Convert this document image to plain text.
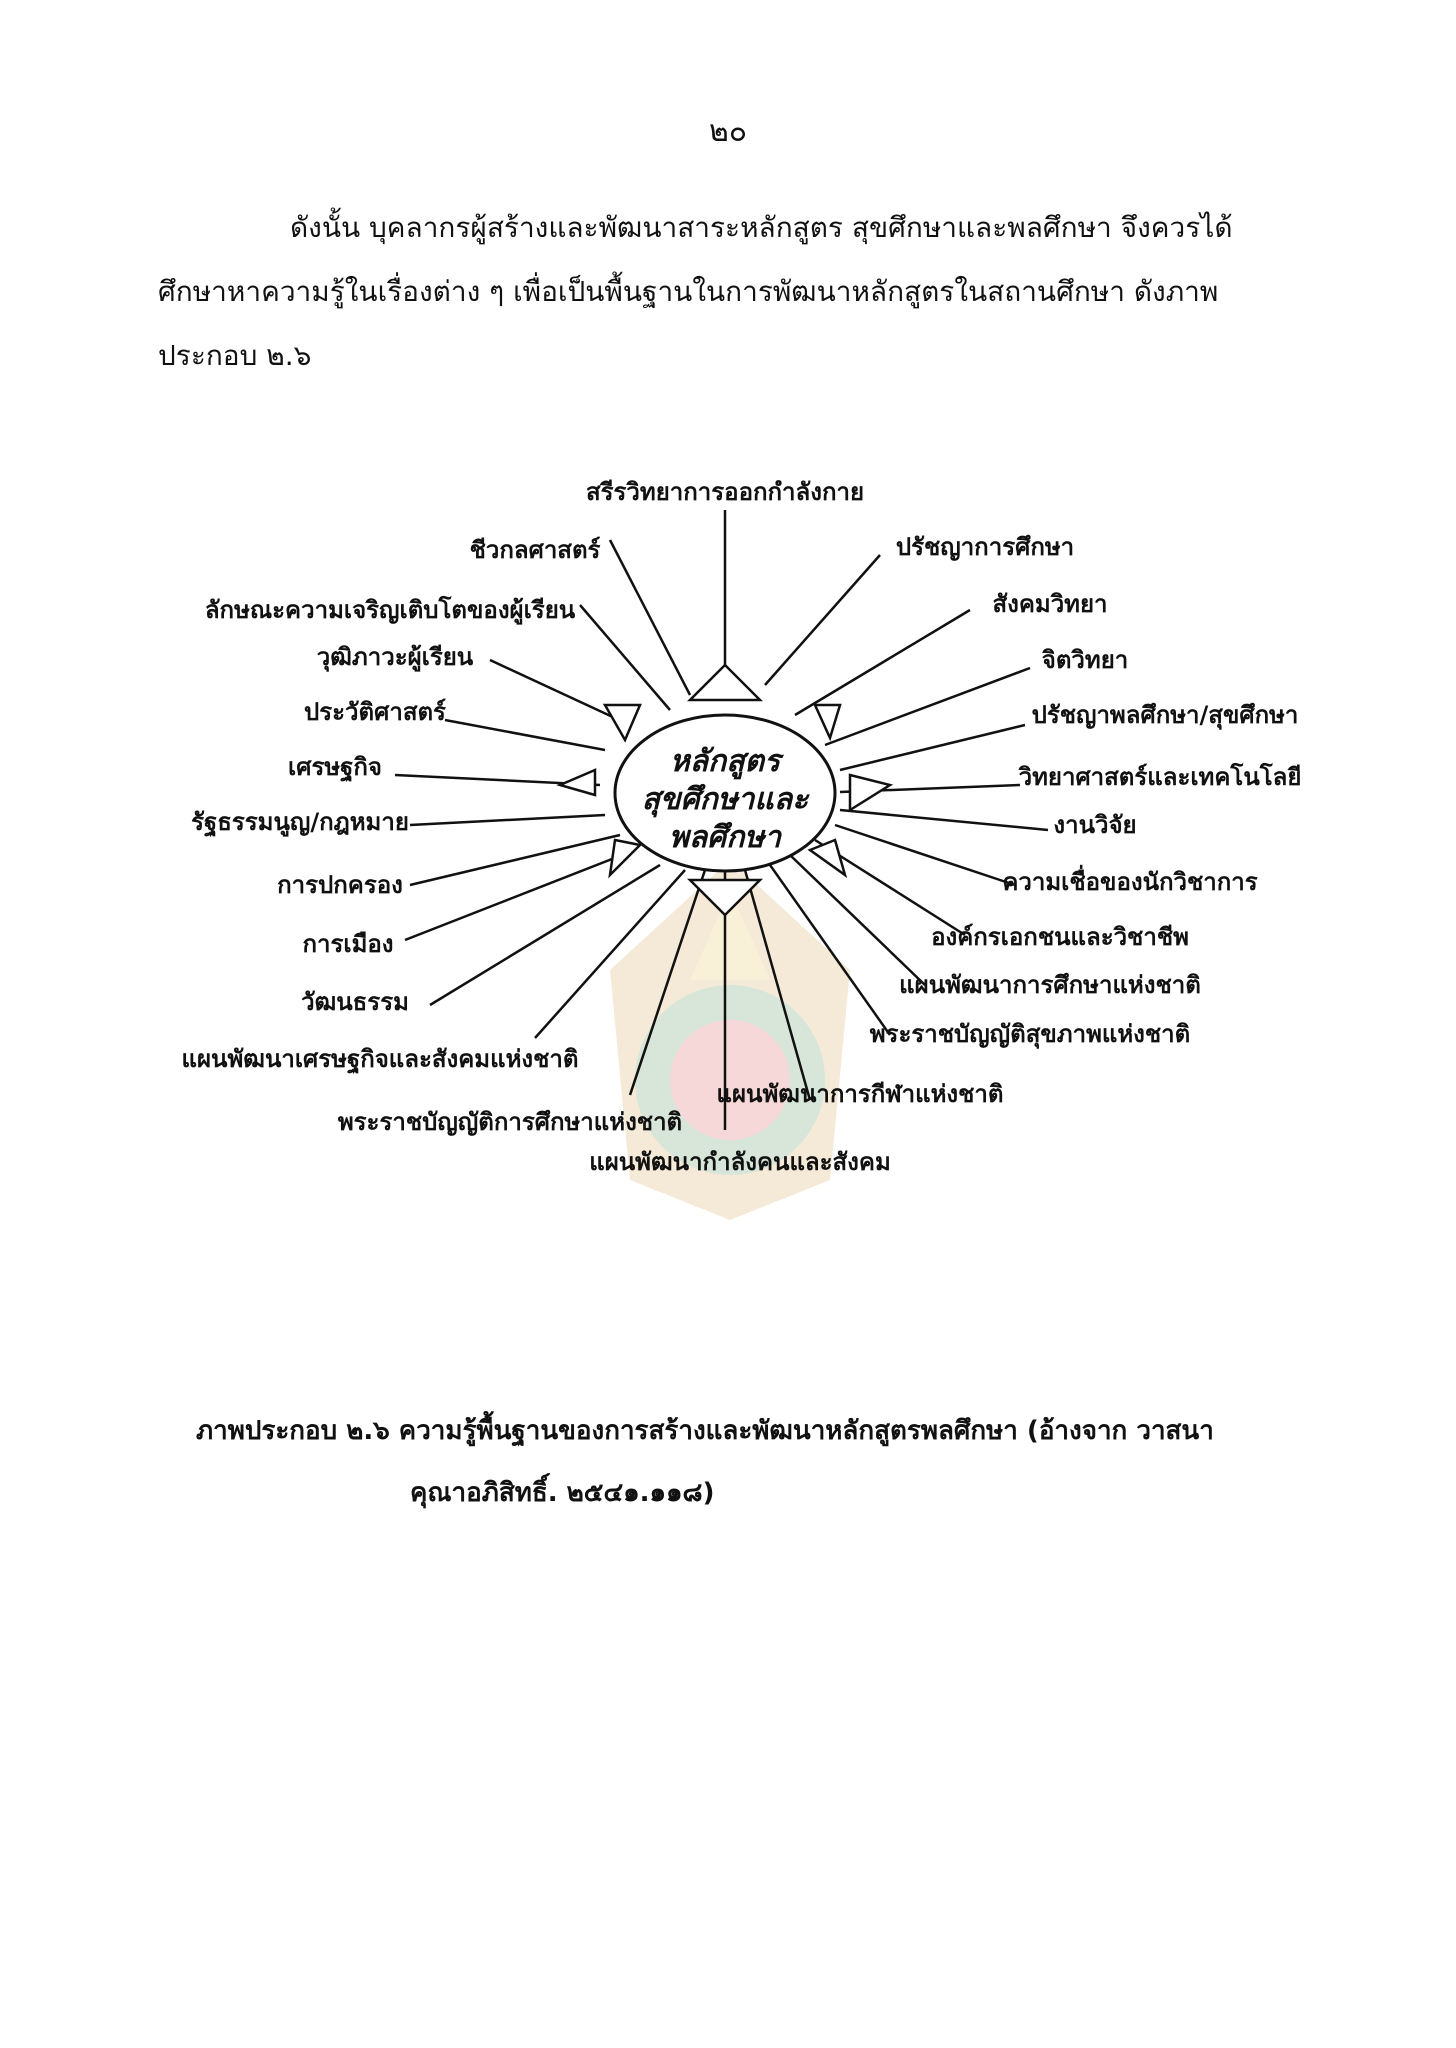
๒๐
ดังนั้น บุคลากรผู้สร้างและพัฒนาสาระหลักสูตร สุขศึกษาและพลศึกษา จึงควรได้
ศึกษาหาความรู้ในเรื่องต่าง ๆ เพื่อเป็นพื้นฐานในการพัฒนาหลักสูตรในสถานศึกษา ดังภาพ
ประกอบ ๒.๖
สรีรวิทยาการออกกำลังกาย
ชีวกลศาสตร์
ลักษณะความเจริญเติบโตของผู้เรียน
วุฒิภาวะผู้เรียน
ประวัติศาสตร์
เศรษฐกิจ
รัฐธรรมนูญ/กฎหมาย
การปกครอง
การเมือง
วัฒนธรรม
แผนพัฒนาเศรษฐกิจและสังคมแห่งชาติ
พระราชบัญญัติการศึกษาแห่งชาติ
แผนพัฒนากำลังคนและสังคม
แผนพัฒนาการกีฬาแห่งชาติ
พระราชบัญญัติสุขภาพแห่งชาติ
แผนพัฒนาการศึกษาแห่งชาติ
องค์กรเอกชนและวิชาชีพ
ความเชื่อของนักวิชาการ
งานวิจัย
วิทยาศาสตร์และเทคโนโลยี
ปรัชญาพลศึกษา/สุขศึกษา
จิตวิทยา
สังคมวิทยา
ปรัชญาการศึกษา
หลักสูตร
สุขศึกษาและ
พลศึกษา
ภาพประกอบ ๒.๖ ความรู้พื้นฐานของการสร้างและพัฒนาหลักสูตรพลศึกษา (อ้างจาก วาสนา
คุณาอภิสิทธิ์. ๒๕๔๑.๑๑๘)
